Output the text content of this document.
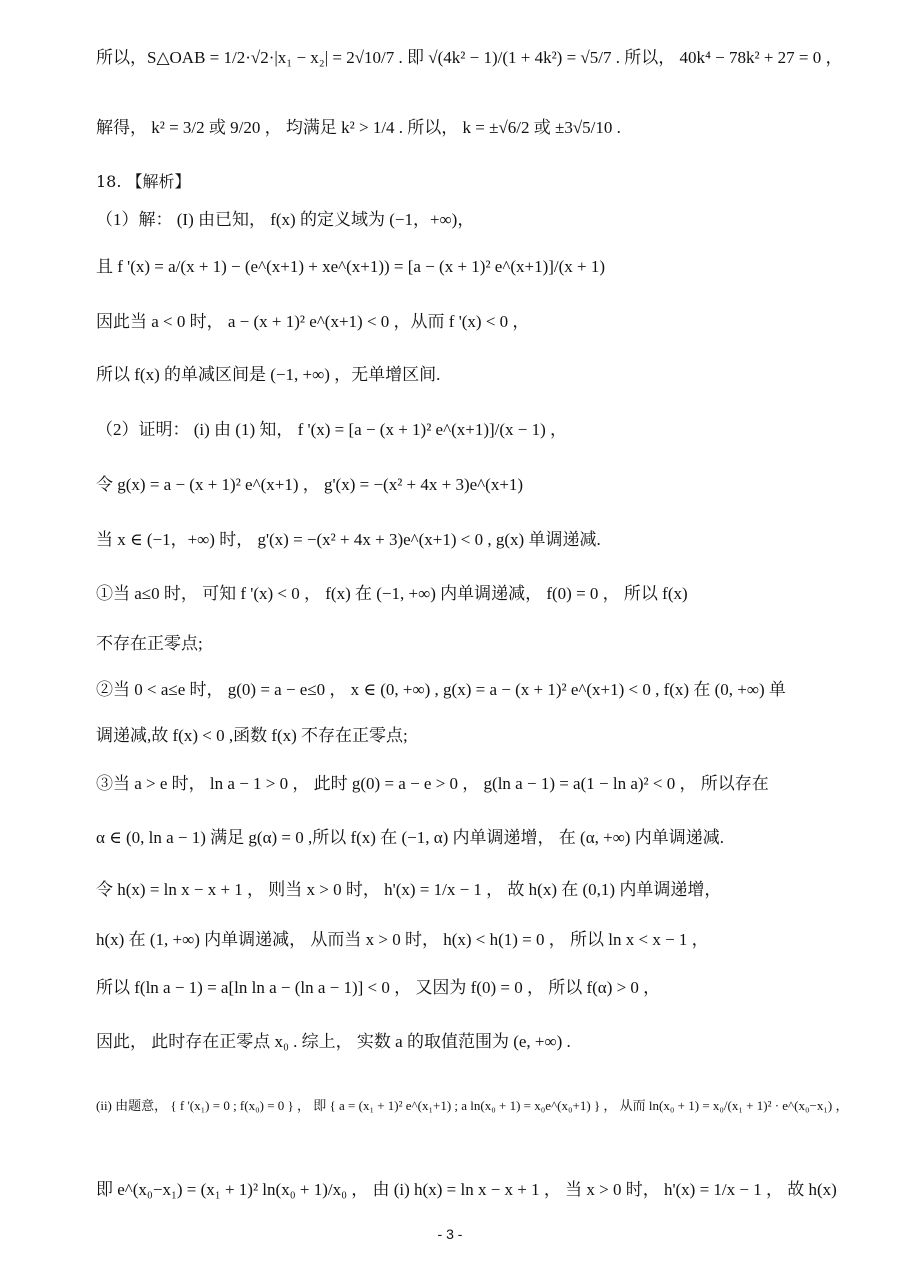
所以，S△OAB = 1/2·√2·|x₁ − x₂| = 2√10/7 . 即 √(4k² − 1)/(1 + 4k²) = √5/7 . 所以， 40k⁴ − 78k² + 27 = 0 ，
解得， k² = 3/2 或 9/20 ， 均满足 k² > 1/4 . 所以， k = ±√6/2 或 ±3√5/10 .
18. 【解析】
（1）解： (I) 由已知， f(x) 的定义域为 (−1，+∞)，
且 f '(x) = a/(x + 1) − (e^(x+1) + xe^(x+1)) = [a − (x + 1)² e^(x+1)]/(x + 1)
因此当 a < 0 时， a − (x + 1)² e^(x+1) < 0 ，从而 f '(x) < 0 ，
所以 f(x) 的单减区间是 (−1, +∞) ，无单增区间.
（2）证明： (i) 由 (1) 知， f '(x) = [a − (x + 1)² e^(x+1)]/(x − 1) ，
令 g(x) = a − (x + 1)² e^(x+1) ， g'(x) = −(x² + 4x + 3)e^(x+1)
当 x ∈ (−1，+∞) 时， g'(x) = −(x² + 4x + 3)e^(x+1) < 0 , g(x) 单调递减.
①当 a≤0 时， 可知 f '(x) < 0 ， f(x) 在 (−1, +∞) 内单调递减， f(0) = 0 ， 所以 f(x)
不存在正零点;
②当 0 < a≤e 时， g(0) = a − e≤0 ， x ∈ (0, +∞) , g(x) = a − (x + 1)² e^(x+1) < 0 , f(x) 在 (0, +∞) 单
调递减,故 f(x) < 0 ,函数 f(x) 不存在正零点;
③当 a > e 时， ln a − 1 > 0 ， 此时 g(0) = a − e > 0 ， g(ln a − 1) = a(1 − ln a)² < 0 ， 所以存在
α ∈ (0, ln a − 1) 满足 g(α) = 0 ,所以 f(x) 在 (−1, α) 内单调递增， 在 (α, +∞) 内单调递减.
令 h(x) = ln x − x + 1 ， 则当 x > 0 时， h'(x) = 1/x − 1 ， 故 h(x) 在 (0,1) 内单调递增，
h(x) 在 (1, +∞) 内单调递减， 从而当 x > 0 时， h(x) < h(1) = 0 ， 所以 ln x < x − 1 ，
所以 f(ln a − 1) = a[ln ln a − (ln a − 1)] < 0 ， 又因为 f(0) = 0 ， 所以 f(α) > 0 ，
因此， 此时存在正零点 x₀ . 综上， 实数 a 的取值范围为 (e, +∞) .
(ii) 由题意， { f '(x₁) = 0 ; f(x₀) = 0 } ， 即 { a = (x₁ + 1)² e^(x₁+1) ; a ln(x₀ + 1) = x₀e^(x₀+1) } ， 从而 ln(x₀ + 1) = x₀/(x₁ + 1)² · e^(x₀−x₁) ，
即 e^(x₀−x₁) = (x₁ + 1)² ln(x₀ + 1)/x₀ ， 由 (i) h(x) = ln x − x + 1 ， 当 x > 0 时， h'(x) = 1/x − 1 ， 故 h(x)
- 3 -
